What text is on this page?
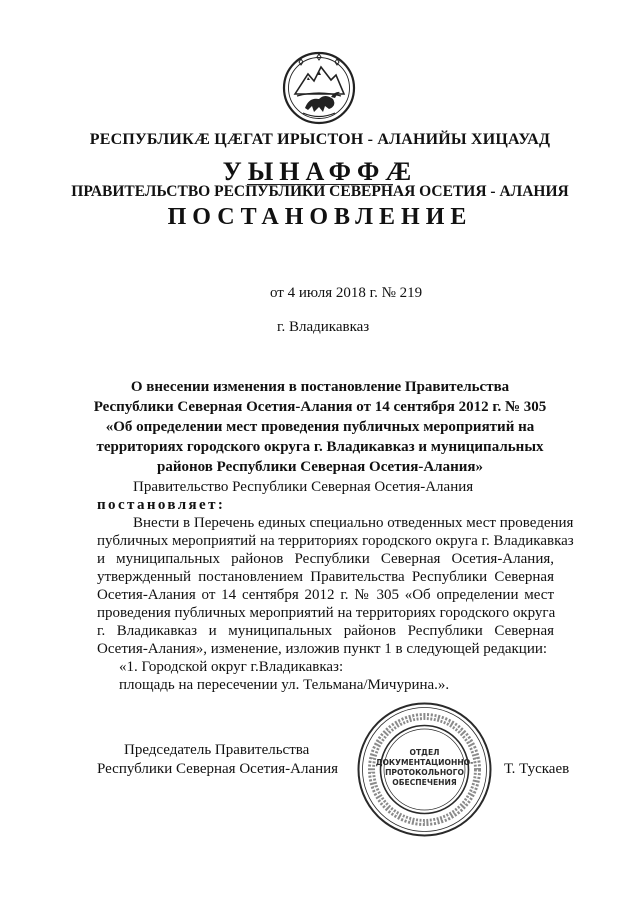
РЕСПУБЛИКÆ ЦÆГАТ ИРЫСТОН - АЛАНИЙЫ ХИЦАУАД
УЫНАФФÆ
ПРАВИТЕЛЬСТВО РЕСПУБЛИКИ СЕВЕРНАЯ ОСЕТИЯ - АЛАНИЯ
ПОСТАНОВЛЕНИЕ
от 4 июля 2018 г. № 219
г. Владикавказ
О внесении изменения в постановление Правительства
Республики Северная Осетия-Алания от 14 сентября 2012 г. № 305
«Об определении мест проведения публичных мероприятий на
территориях городского округа г. Владикавказ и муниципальных
районов Республики Северная Осетия-Алания»
Правительство Республики Северная Осетия-Алания
постановляет:
Внести в Перечень единых специально отведенных мест проведения
публичных мероприятий на территориях городского округа г. Владикавказ
и муниципальных районов Республики Северная Осетия-Алания,
утвержденный постановлением Правительства Республики Северная
Осетия-Алания от 14 сентября 2012 г. № 305 «Об определении мест
проведения публичных мероприятий на территориях городского округа
г. Владикавказ и муниципальных районов Республики Северная
Осетия-Алания», изменение, изложив пункт 1 в следующей редакции:
«1. Городской округ г.Владикавказ:
площадь на пересечении ул. Тельмана/Мичурина.».
Председатель Правительства
Республики Северная Осетия-Алания	Т. Тускаев
ОТДЕЛ
ДОКУМЕНТАЦИОННО-
ПРОТОКОЛЬНОГО
ОБЕСПЕЧЕНИЯ
